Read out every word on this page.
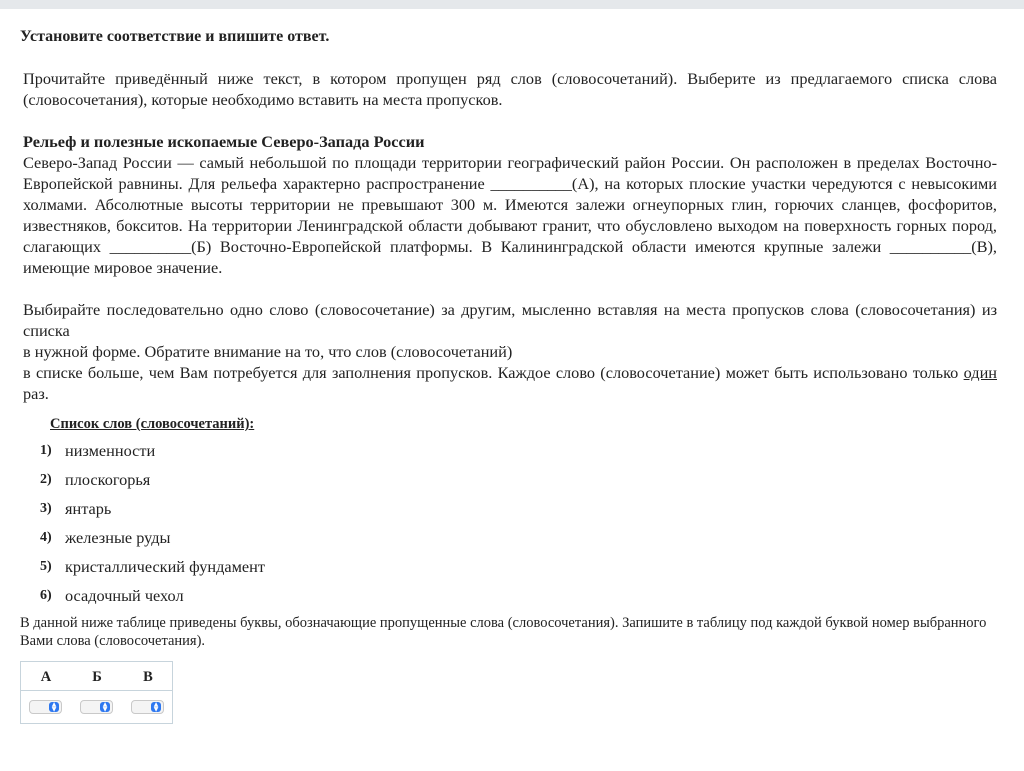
Установите соответствие и впишите ответ.
Прочитайте приведённый ниже текст, в котором пропущен ряд слов (словосочетаний). Выберите из предлагаемого списка слова (словосочетания), которые необходимо вставить на места пропусков.
Рельеф и полезные ископаемые Северо-Запада России
Северо-Запад России — самый небольшой по площади территории географический район России. Он расположен в пределах Восточно-Европейской равнины. Для рельефа характерно распространение __________(А), на которых плоские участки чередуются с невысокими холмами. Абсолютные высоты территории не превышают 300 м. Имеются залежи огнеупорных глин, горючих сланцев, фосфоритов, известняков, бокситов. На территории Ленинградской области добывают гранит, что обусловлено выходом на поверхность горных пород, слагающих __________(Б) Восточно-Европейской платформы. В Калининградской области имеются крупные залежи __________(В), имеющие мировое значение.
Выбирайте последовательно одно слово (словосочетание) за другим, мысленно вставляя на места пропусков слова (словосочетания) из списка
в нужной форме. Обратите внимание на то, что слов (словосочетаний)
в списке больше, чем Вам потребуется для заполнения пропусков. Каждое слово (словосочетание) может быть использовано только один раз.
Список слов (словосочетаний):
1) низменности
2) плоскогорья
3) янтарь
4) железные руды
5) кристаллический фундамент
6) осадочный чехол
В данной ниже таблице приведены буквы, обозначающие пропущенные слова (словосочетания). Запишите в таблицу под каждой буквой номер выбранного Вами слова (словосочетания).
А	Б	В
▲
▼
▲
▼
▲
▼
